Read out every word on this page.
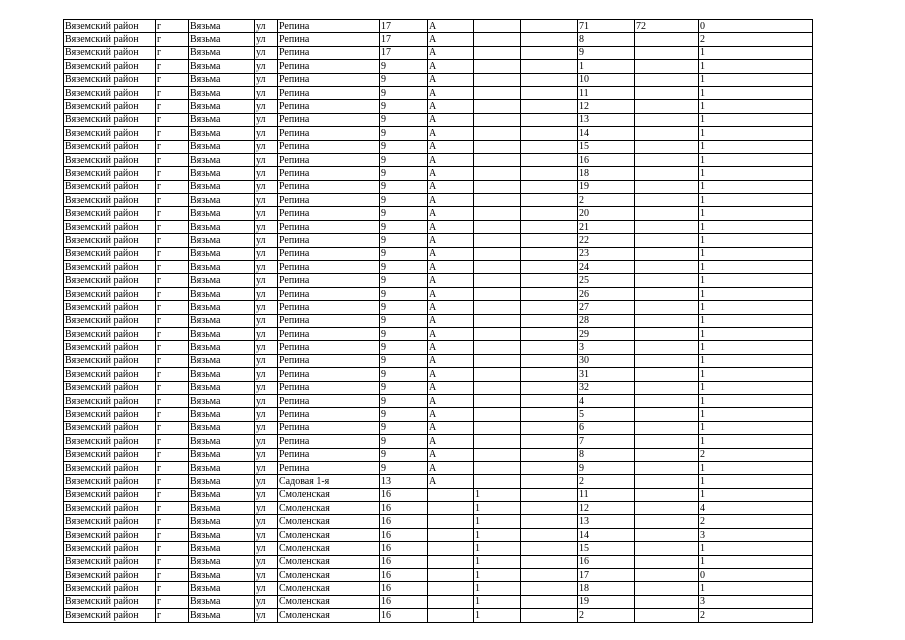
Вяземский район	г	Вязьма	ул	Репина	17	А			71	72	0
Вяземский район	г	Вязьма	ул	Репина	17	А			8		2
Вяземский район	г	Вязьма	ул	Репина	17	А			9		1
Вяземский район	г	Вязьма	ул	Репина	9	А			1		1
Вяземский район	г	Вязьма	ул	Репина	9	А			10		1
Вяземский район	г	Вязьма	ул	Репина	9	А			11		1
Вяземский район	г	Вязьма	ул	Репина	9	А			12		1
Вяземский район	г	Вязьма	ул	Репина	9	А			13		1
Вяземский район	г	Вязьма	ул	Репина	9	А			14		1
Вяземский район	г	Вязьма	ул	Репина	9	А			15		1
Вяземский район	г	Вязьма	ул	Репина	9	А			16		1
Вяземский район	г	Вязьма	ул	Репина	9	А			18		1
Вяземский район	г	Вязьма	ул	Репина	9	А			19		1
Вяземский район	г	Вязьма	ул	Репина	9	А			2		1
Вяземский район	г	Вязьма	ул	Репина	9	А			20		1
Вяземский район	г	Вязьма	ул	Репина	9	А			21		1
Вяземский район	г	Вязьма	ул	Репина	9	А			22		1
Вяземский район	г	Вязьма	ул	Репина	9	А			23		1
Вяземский район	г	Вязьма	ул	Репина	9	А			24		1
Вяземский район	г	Вязьма	ул	Репина	9	А			25		1
Вяземский район	г	Вязьма	ул	Репина	9	А			26		1
Вяземский район	г	Вязьма	ул	Репина	9	А			27		1
Вяземский район	г	Вязьма	ул	Репина	9	А			28		1
Вяземский район	г	Вязьма	ул	Репина	9	А			29		1
Вяземский район	г	Вязьма	ул	Репина	9	А			3		1
Вяземский район	г	Вязьма	ул	Репина	9	А			30		1
Вяземский район	г	Вязьма	ул	Репина	9	А			31		1
Вяземский район	г	Вязьма	ул	Репина	9	А			32		1
Вяземский район	г	Вязьма	ул	Репина	9	А			4		1
Вяземский район	г	Вязьма	ул	Репина	9	А			5		1
Вяземский район	г	Вязьма	ул	Репина	9	А			6		1
Вяземский район	г	Вязьма	ул	Репина	9	А			7		1
Вяземский район	г	Вязьма	ул	Репина	9	А			8		2
Вяземский район	г	Вязьма	ул	Репина	9	А			9		1
Вяземский район	г	Вязьма	ул	Садовая 1-я	13	А			2		1
Вяземский район	г	Вязьма	ул	Смоленская	16		1		11		1
Вяземский район	г	Вязьма	ул	Смоленская	16		1		12		4
Вяземский район	г	Вязьма	ул	Смоленская	16		1		13		2
Вяземский район	г	Вязьма	ул	Смоленская	16		1		14		3
Вяземский район	г	Вязьма	ул	Смоленская	16		1		15		1
Вяземский район	г	Вязьма	ул	Смоленская	16		1		16		1
Вяземский район	г	Вязьма	ул	Смоленская	16		1		17		0
Вяземский район	г	Вязьма	ул	Смоленская	16		1		18		1
Вяземский район	г	Вязьма	ул	Смоленская	16		1		19		3
Вяземский район	г	Вязьма	ул	Смоленская	16		1		2		2
